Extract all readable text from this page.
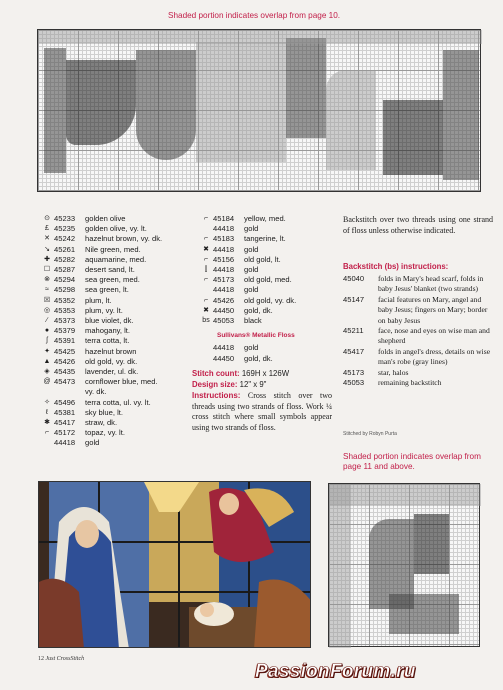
Shaded portion indicates overlap from page 10.
⊙ 45233	golden olive
£ 45235	golden olive, vy. lt.
✕ 45242	hazelnut brown, vy. dk.
↘ 45261	Nile green, med.
✚ 45282	aquamarine, med.
☐ 45287	desert sand, lt.
⊗ 45294	sea green, med.
≈ 45298	sea green, lt.
☒ 45352	plum, lt.
◎ 45353	plum, vy. lt.
∕ 45373	blue violet, dk.
● 45379	mahogany, lt.
ʃ 45391	terra cotta, lt.
✦ 45425	hazelnut brown
▲ 45426	old gold, vy. dk.
◈ 45435	lavender, ul. dk.
@ 45473	cornflower blue, med.
vy. dk.
✧ 45496	terra cotta, ul. vy. lt.
ℓ 45381	sky blue, lt.
✱ 45417	straw, dk.
⌐ 45172	topaz, vy. lt.
44418	gold
⌐ 45184	yellow, med.
44418	gold
⌐ 45183	tangerine, lt.
✖ 44418	gold
⌐ 45156	old gold, lt.
⫿ 44418	gold
⌐ 45173	old gold, med.
44418	gold
⌐ 45426	old gold, vy. dk.
✖ 44450	gold, dk.
bs 45053	black
Sullivans® Metallic Floss
44418	gold
44450	gold, dk.
Stitch count: 169H x 126W
Design size: 12" x 9"
Instructions: Cross stitch over two threads using two strands of floss. Work ¼ cross stitch where small symbols appear using two strands of floss.
Backstitch over two threads using one strand of floss unless otherwise indicated.
Backstitch (bs) instructions:
45040	folds in Mary's head scarf, folds in baby Jesus' blanket (two strands)
45147	facial features on Mary, angel and baby Jesus; fingers on Mary; border on baby Jesus
45211	face, nose and eyes on wise man and shepherd
45417	folds in angel's dress, details on wise man's robe (gray lines)
45173	star, halos
45053	remaining backstitch
Stitched by Robyn Purta
Shaded portion indicates overlap from page 11 and above.
12 Just CrossStitch
PassionForum.ru
